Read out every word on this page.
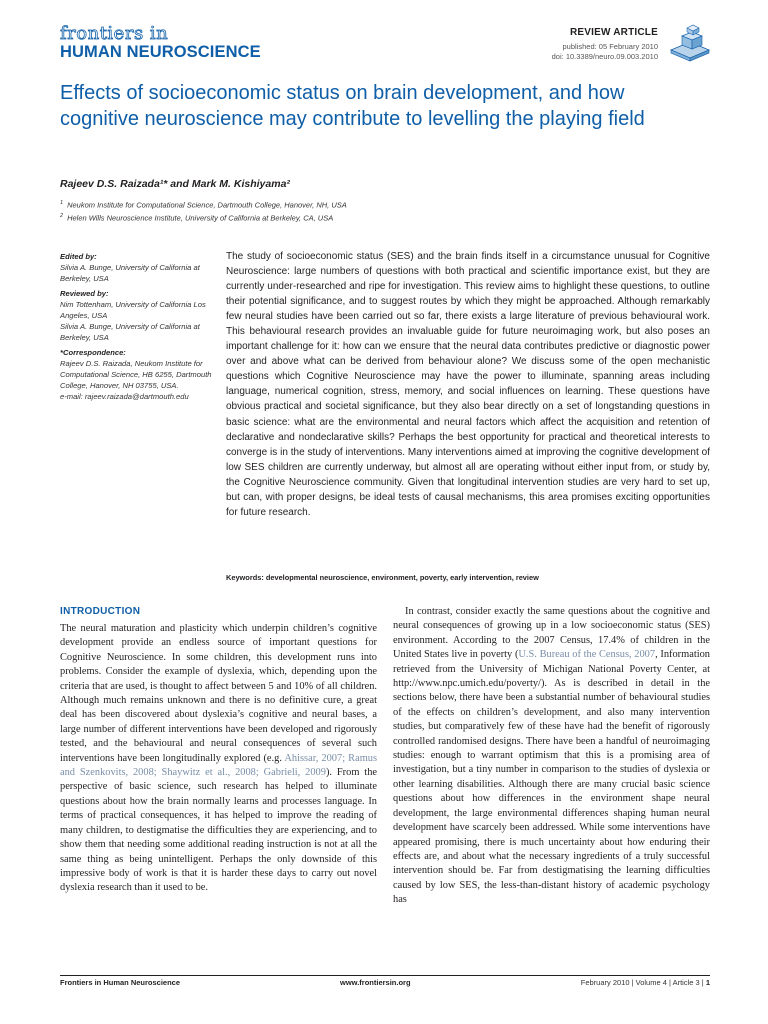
frontiers in
HUMAN NEUROSCIENCE
REVIEW ARTICLE
published: 05 February 2010
doi: 10.3389/neuro.09.003.2010
Effects of socioeconomic status on brain development, and how cognitive neuroscience may contribute to levelling the playing field
Rajeev D.S. Raizada¹* and Mark M. Kishiyama²
$^1$ Neukom Institute for Computational Science, Dartmouth College, Hanover, NH, USA
$^2$ Helen Wills Neuroscience Institute, University of California at Berkeley, CA, USA
Edited by:
Silvia A. Bunge, University of California at Berkeley, USA
Reviewed by:
Nim Tottenham, University of California Los Angeles, USA
Silvia A. Bunge, University of California at Berkeley, USA
*Correspondence:
Rajeev D.S. Raizada, Neukom Institute for Computational Science, HB 6255, Dartmouth College, Hanover, NH 03755, USA.
e-mail: rajeev.raizada@dartmouth.edu
The study of socioeconomic status (SES) and the brain finds itself in a circumstance unusual for Cognitive Neuroscience: large numbers of questions with both practical and scientific importance exist, but they are currently under-researched and ripe for investigation. This review aims to highlight these questions, to outline their potential significance, and to suggest routes by which they might be approached. Although remarkably few neural studies have been carried out so far, there exists a large literature of previous behavioural work. This behavioural research provides an invaluable guide for future neuroimaging work, but also poses an important challenge for it: how can we ensure that the neural data contributes predictive or diagnostic power over and above what can be derived from behaviour alone? We discuss some of the open mechanistic questions which Cognitive Neuroscience may have the power to illuminate, spanning areas including language, numerical cognition, stress, memory, and social influences on learning. These questions have obvious practical and societal significance, but they also bear directly on a set of longstanding questions in basic science: what are the environmental and neural factors which affect the acquisition and retention of declarative and nondeclarative skills? Perhaps the best opportunity for practical and theoretical interests to converge is in the study of interventions. Many interventions aimed at improving the cognitive development of low SES children are currently underway, but almost all are operating without either input from, or study by, the Cognitive Neuroscience community. Given that longitudinal intervention studies are very hard to set up, but can, with proper designs, be ideal tests of causal mechanisms, this area promises exciting opportunities for future research.
Keywords: developmental neuroscience, environment, poverty, early intervention, review
INTRODUCTION

The neural maturation and plasticity which underpin children’s cognitive development provide an endless source of important questions for Cognitive Neuroscience. In some children, this development runs into problems. Consider the example of dyslexia, which, depending upon the criteria that are used, is thought to affect between 5 and 10% of all children. Although much remains unknown and there is no definitive cure, a great deal has been discovered about dyslexia’s cognitive and neural bases, a large number of different interventions have been developed and rigorously tested, and the behavioural and neural consequences of several such interventions have been longitudinally explored (e.g. Ahissar, 2007; Ramus and Szenkovits, 2008; Shaywitz et al., 2008; Gabrieli, 2009). From the perspective of basic science, such research has helped to illuminate questions about how the brain normally learns and processes language. In terms of practical consequences, it has helped to improve the reading of many children, to destigmatise the difficulties they are experiencing, and to show them that needing some additional reading instruction is not at all the same thing as being unintelligent. Perhaps the only downside of this impressive body of work is that it is harder these days to carry out novel dyslexia research than it used to be.

In contrast, consider exactly the same questions about the cognitive and neural consequences of growing up in a low socioeconomic status (SES) environment. According to the 2007 Census, 17.4% of children in the United States live in poverty (U.S. Bureau of the Census, 2007, Information retrieved from the University of Michigan National Poverty Center, at http://www.npc.umich.edu/poverty/). As is described in detail in the sections below, there have been a substantial number of behavioural studies of the effects on children’s development, and also many intervention studies, but comparatively few of these have had the benefit of rigorously controlled randomised designs. There have been a handful of neuroimaging studies: enough to warrant optimism that this is a promising area of investigation, but a tiny number in comparison to the studies of dyslexia or other learning disabilities. Although there are many crucial basic science questions about how differences in the environment shape neural development, the large environmental differences shaping human neural development have scarcely been addressed. While some interventions have appeared promising, there is much uncertainty about how enduring their effects are, and about what the necessary ingredients of a truly successful intervention should be. Far from destigmatising the learning difficulties caused by low SES, the less-than-distant history of academic psychology has

Frontiers in Human Neuroscience	www.frontiersin.org	February 2010 | Volume 4 | Article 3 | 1
